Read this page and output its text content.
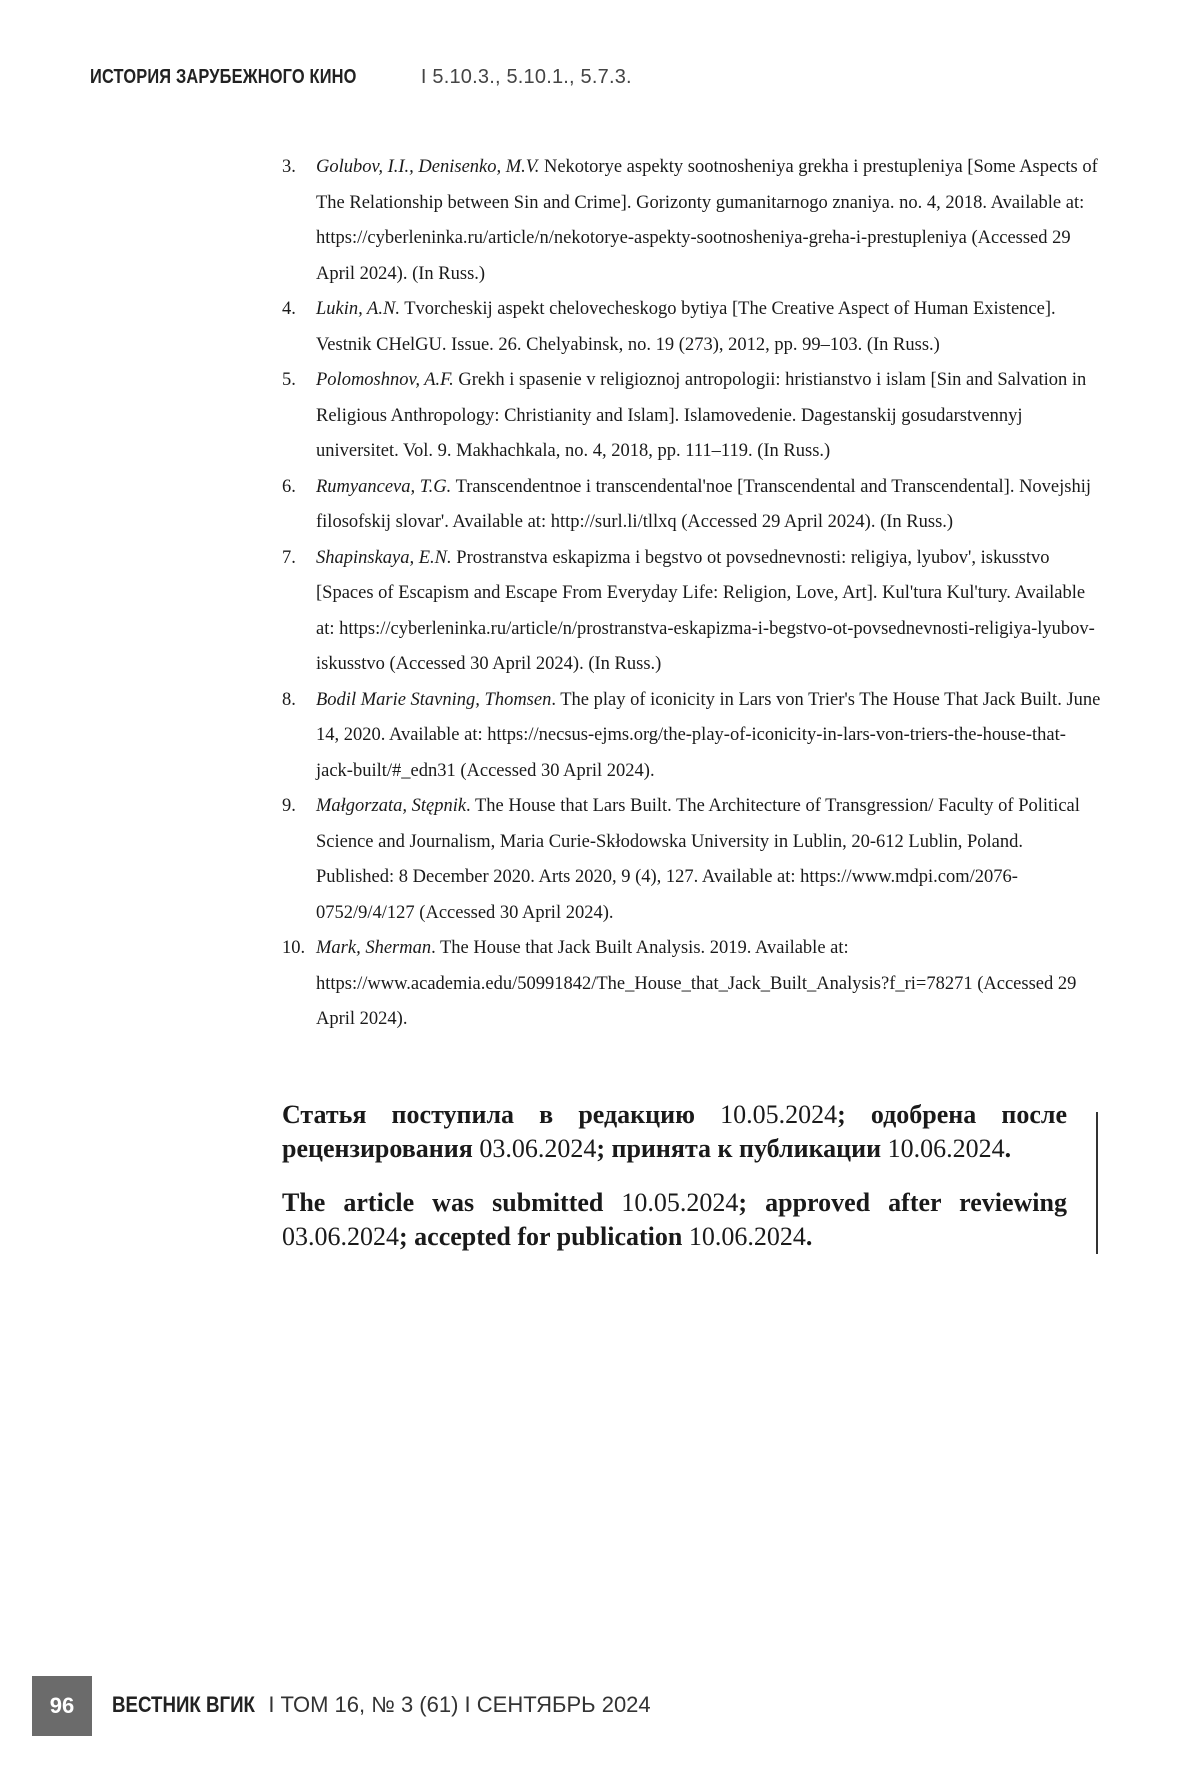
ИСТОРИЯ ЗАРУБЕЖНОГО КИНО	I 5.10.3., 5.10.1., 5.7.3.
3. Golubov, I.I., Denisenko, M.V. Nekotorye aspekty sootnosheniya grekha i prestupleniya [Some Aspects of The Relationship between Sin and Crime]. Gorizonty gumanitarnogo znaniya. no. 4, 2018. Available at: https://cyberleninka.ru/article/n/nekotorye-aspekty-sootnosheniya-greha-i-prestupleniya (Accessed 29 April 2024). (In Russ.)
4. Lukin, A.N. Tvorcheskij aspekt chelovecheskogo bytiya [The Creative Aspect of Human Existence]. Vestnik CHelGU. Issue. 26. Chelyabinsk, no. 19 (273), 2012, pp. 99–103. (In Russ.)
5. Polomoshnov, A.F. Grekh i spasenie v religioznoj antropologii: hristianstvo i islam [Sin and Salvation in Religious Anthropology: Christianity and Islam]. Islamovedenie. Dagestanskij gosudarstvennyj universitet. Vol. 9. Makhachkala, no. 4, 2018, pp. 111–119. (In Russ.)
6. Rumyanceva, T.G. Transcendentnoe i transcendental'noe [Transcendental and Transcendental]. Novejshij filosofskij slovar'. Available at: http://surl.li/tllxq (Accessed 29 April 2024). (In Russ.)
7. Shapinskaya, E.N. Prostranstva eskapizma i begstvo ot povsednevnosti: religiya, lyubov', iskusstvo [Spaces of Escapism and Escape From Everyday Life: Religion, Love, Art]. Kul'tura Kul'tury. Available at: https://cyberleninka.ru/article/n/prostranstva-eskapizma-i-begstvo-ot-povsednevnosti-religiya-lyubov-iskusstvo (Accessed 30 April 2024). (In Russ.)
8. Bodil Marie Stavning, Thomsen. The play of iconicity in Lars von Trier's The House That Jack Built. June 14, 2020. Available at: https://necsus-ejms.org/the-play-of-iconicity-in-lars-von-triers-the-house-that-jack-built/#_edn31 (Accessed 30 April 2024).
9. Małgorzata, Stępnik. The House that Lars Built. The Architecture of Transgression/ Faculty of Political Science and Journalism, Maria Curie-Skłodowska University in Lublin, 20-612 Lublin, Poland. Published: 8 December 2020. Arts 2020, 9 (4), 127. Available at: https://www.mdpi.com/2076-0752/9/4/127 (Accessed 30 April 2024).
10. Mark, Sherman. The House that Jack Built Analysis. 2019. Available at: https://www.academia.edu/50991842/The_House_that_Jack_Built_Analysis?f_ri=78271 (Accessed 29 April 2024).

Статья поступила в редакцию 10.05.2024; одобрена после рецензирования 03.06.2024; принята к публикации 10.06.2024.

The article was submitted 10.05.2024; approved after reviewing 03.06.2024; accepted for publication 10.06.2024.

96	ВЕСТНИК ВГИК I ТОМ 16, № 3 (61) I СЕНТЯБРЬ 2024
